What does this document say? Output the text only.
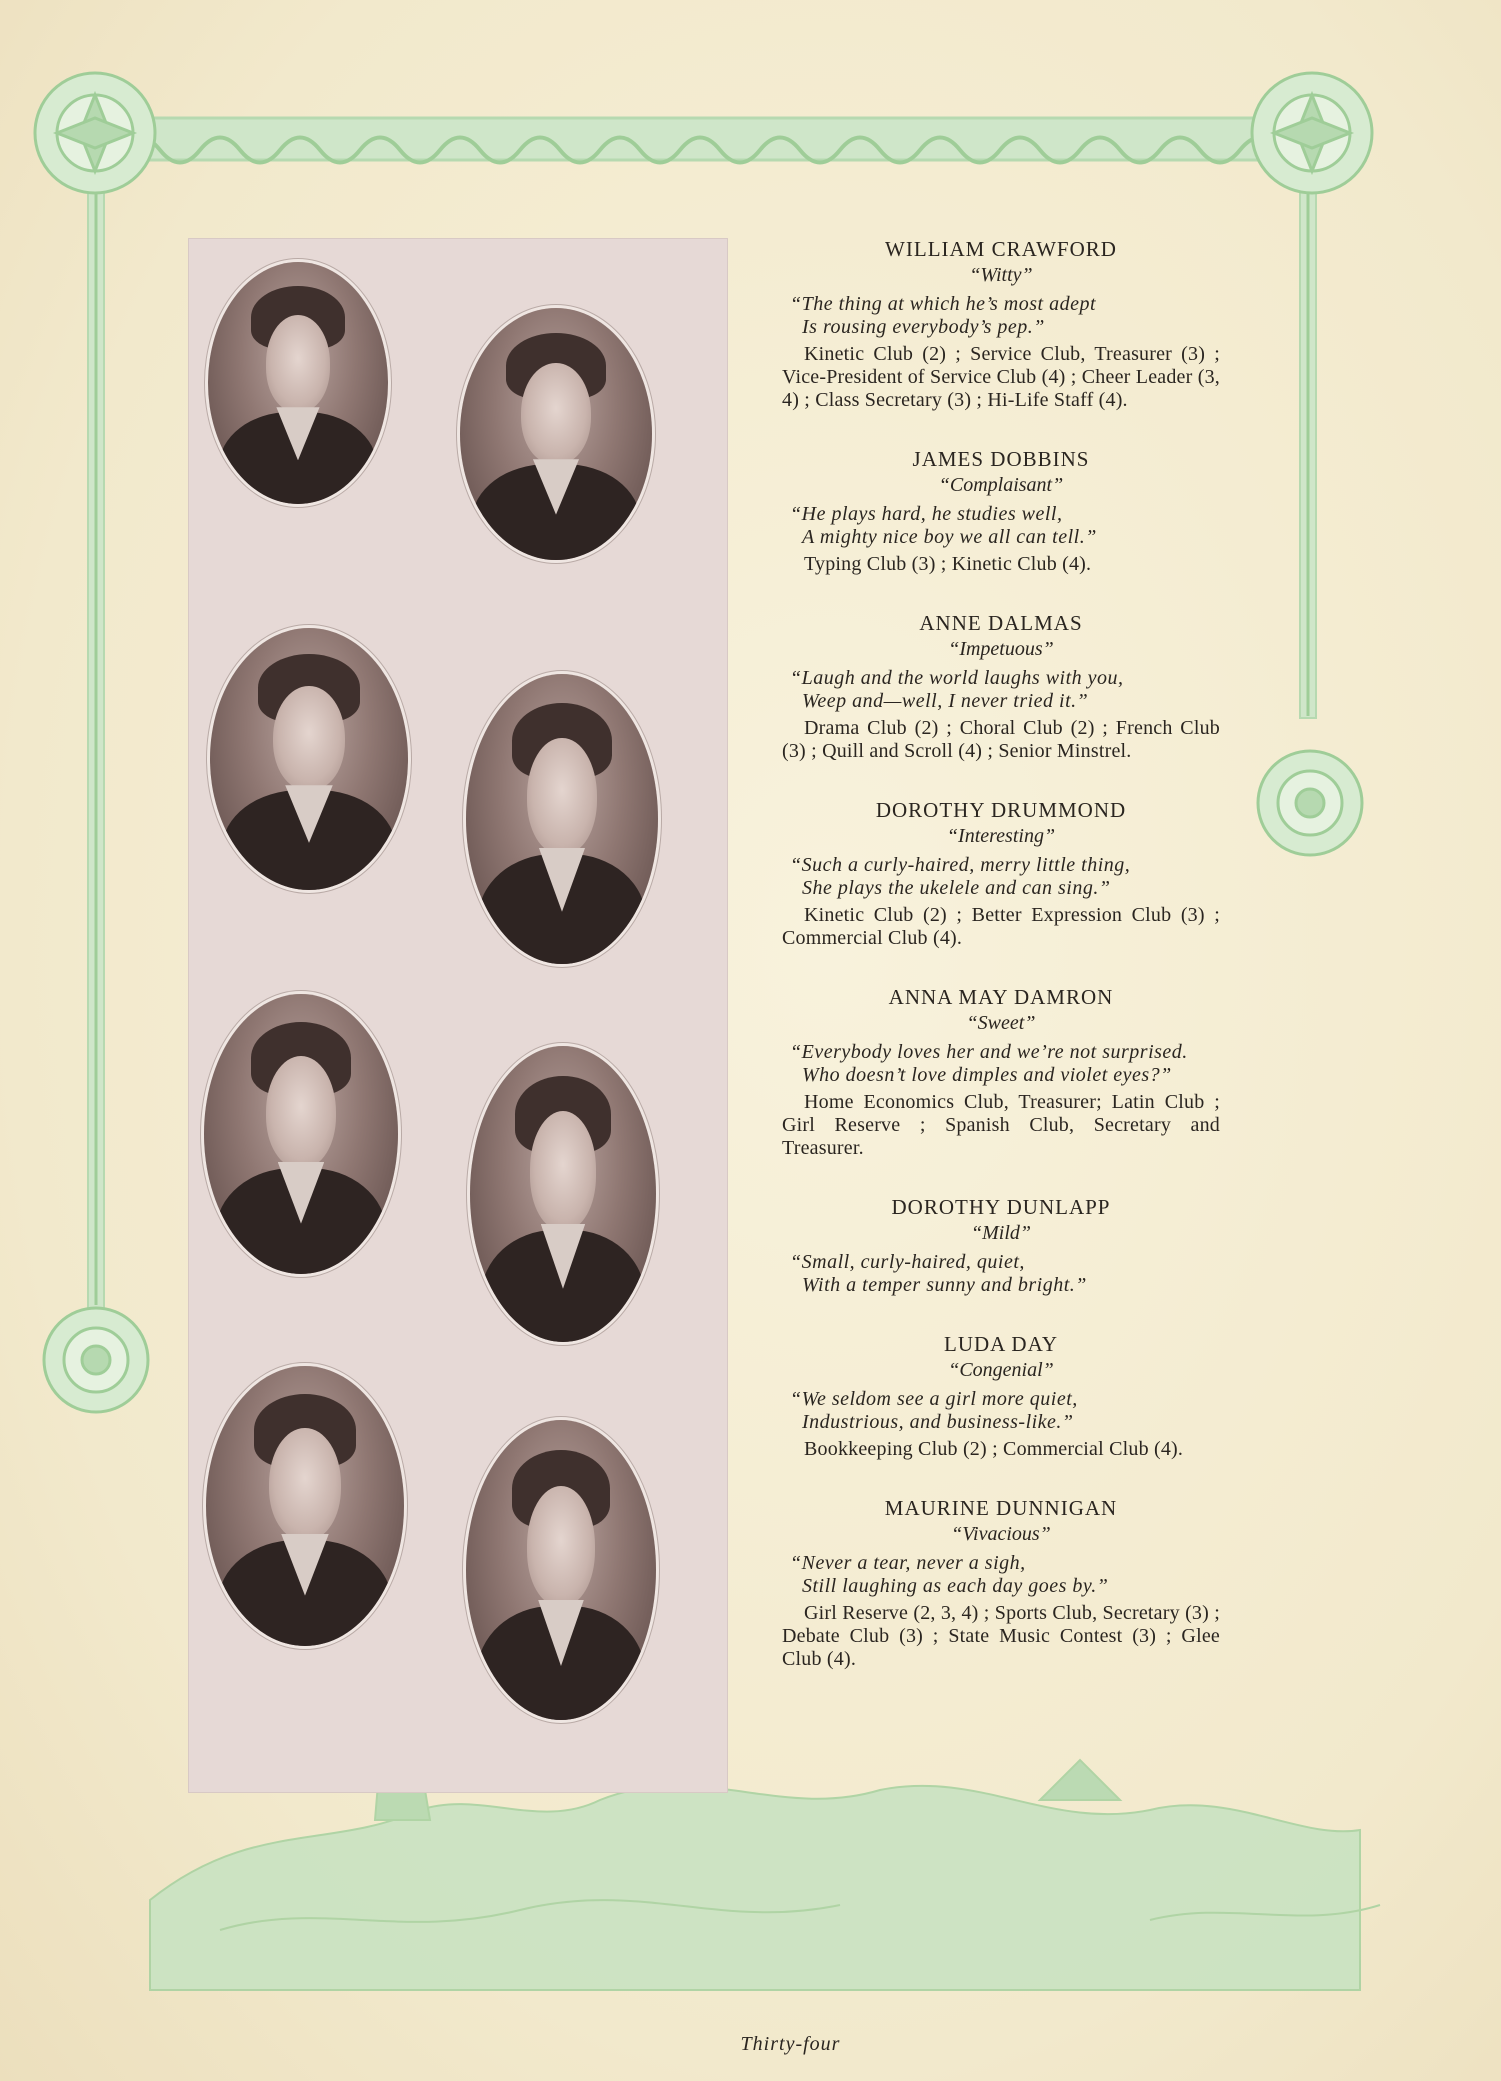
WILLIAM CRAWFORD
“Witty”
“The thing at which he’s most adept
Is rousing everybody’s pep.”
Kinetic Club (2) ; Service Club, Treasurer (3) ; Vice-President of Service Club (4) ; Cheer Leader (3, 4) ; Class Secretary (3) ; Hi-Life Staff (4).
JAMES DOBBINS
“Complaisant”
“He plays hard, he studies well,
A mighty nice boy we all can tell.”
Typing Club (3) ; Kinetic Club (4).
ANNE DALMAS
“Impetuous”
“Laugh and the world laughs with you,
Weep and—well, I never tried it.”
Drama Club (2) ; Choral Club (2) ; French Club (3) ; Quill and Scroll (4) ; Senior Minstrel.
DOROTHY DRUMMOND
“Interesting”
“Such a curly-haired, merry little thing,
She plays the ukelele and can sing.”
Kinetic Club (2) ; Better Expression Club (3) ; Commercial Club (4).
ANNA MAY DAMRON
“Sweet”
“Everybody loves her and we’re not surprised.
Who doesn’t love dimples and violet eyes?”
Home Economics Club, Treasurer; Latin Club ; Girl Reserve ; Spanish Club, Secretary and Treasurer.
DOROTHY DUNLAPP
“Mild”
“Small, curly-haired, quiet,
With a temper sunny and bright.”
LUDA DAY
“Congenial”
“We seldom see a girl more quiet,
Industrious, and business-like.”
Bookkeeping Club (2) ; Commercial Club (4).
MAURINE DUNNIGAN
“Vivacious”
“Never a tear, never a sigh,
Still laughing as each day goes by.”
Girl Reserve (2, 3, 4) ; Sports Club, Secretary (3) ; Debate Club (3) ; State Music Contest (3) ; Glee Club (4).
Thirty-four
